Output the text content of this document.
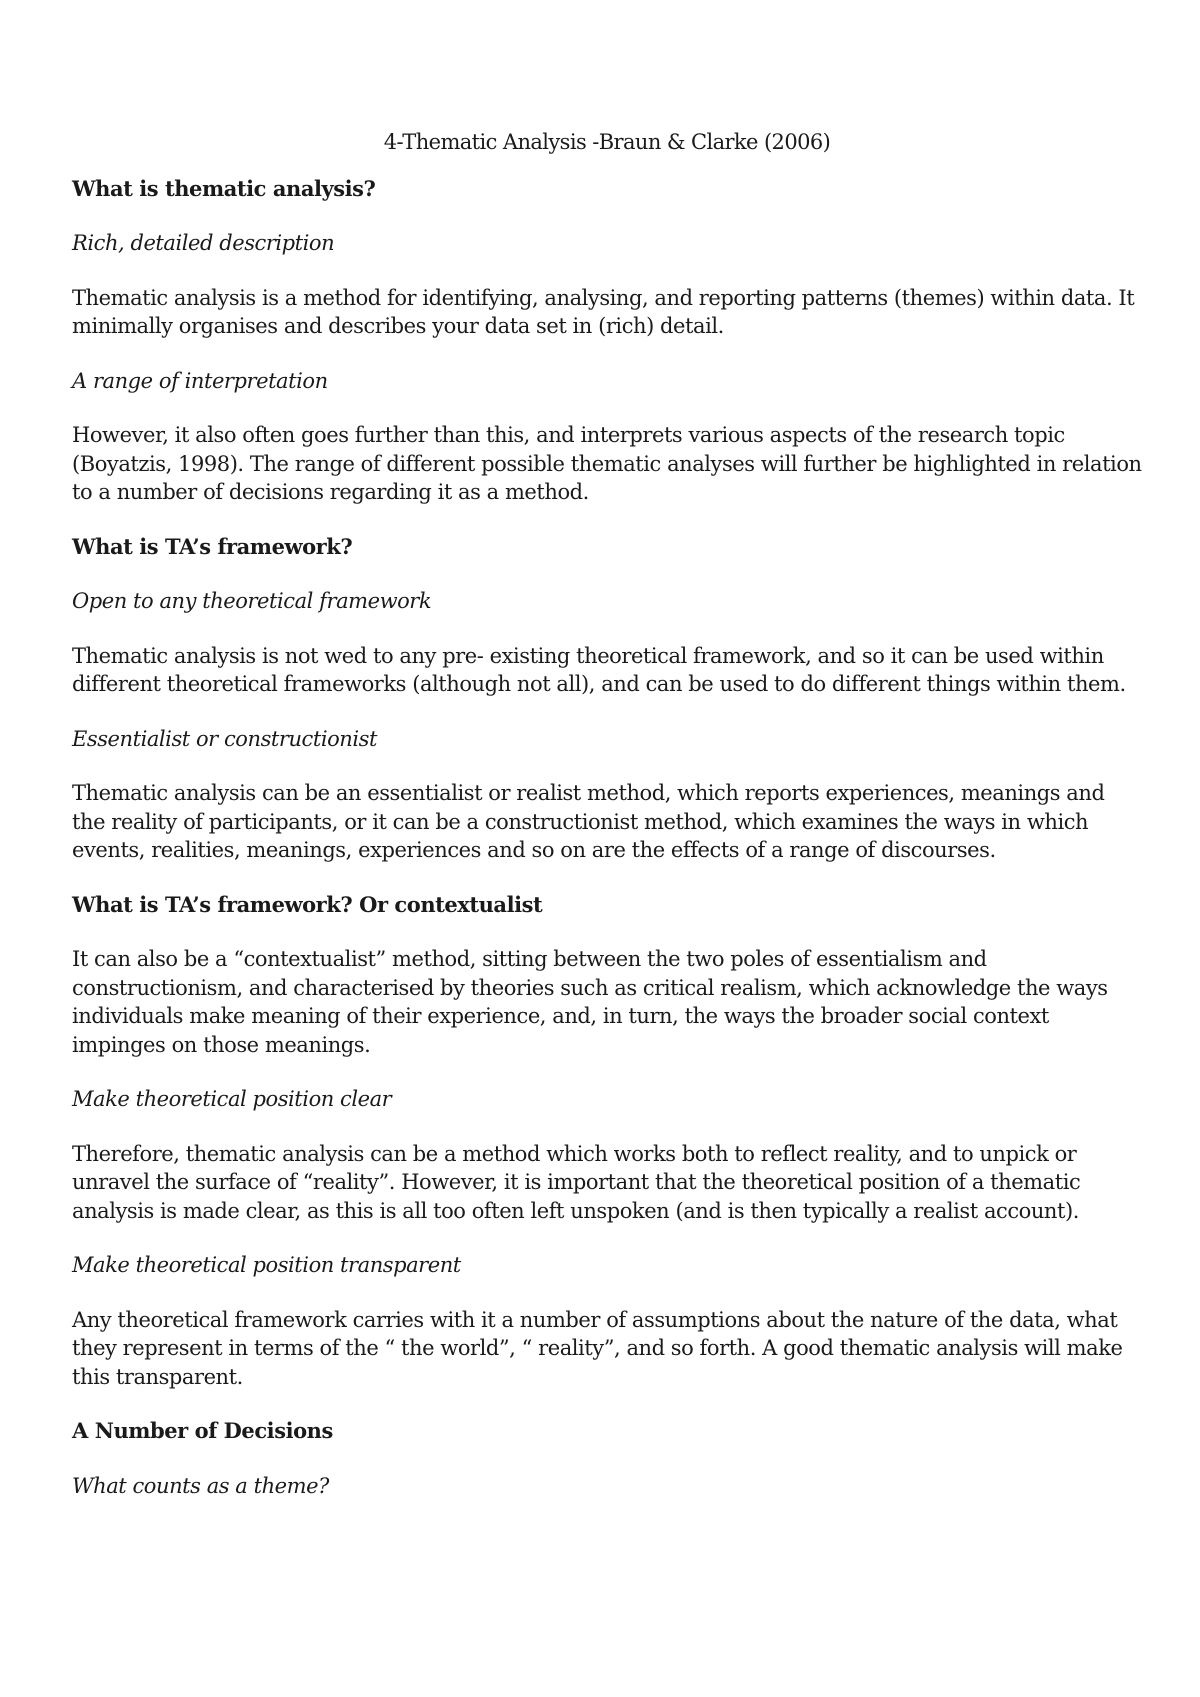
4-Thematic Analysis -Braun & Clarke (2006)
What is thematic analysis?
Rich, detailed description
Thematic analysis is a method for identifying, analysing, and reporting patterns (themes) within data. It minimally organises and describes your data set in (rich) detail.
A range of interpretation
However, it also often goes further than this, and interprets various aspects of the research topic (Boyatzis, 1998). The range of different possible thematic analyses will further be highlighted in relation to a number of decisions regarding it as a method.
What is TA’s framework?
Open to any theoretical framework
Thematic analysis is not wed to any pre- existing theoretical framework, and so it can be used within different theoretical frameworks (although not all), and can be used to do different things within them.
Essentialist or constructionist
Thematic analysis can be an essentialist or realist method, which reports experiences, meanings and the reality of participants, or it can be a constructionist method, which examines the ways in which events, realities, meanings, experiences and so on are the effects of a range of discourses.
What is TA’s framework? Or contextualist
It can also be a “contextualist” method, sitting between the two poles of essentialism and constructionism, and characterised by theories such as critical realism, which acknowledge the ways individuals make meaning of their experience, and, in turn, the ways the broader social context impinges on those meanings.
Make theoretical position clear
Therefore, thematic analysis can be a method which works both to reflect reality, and to unpick or unravel the surface of “reality”. However, it is important that the theoretical position of a thematic analysis is made clear, as this is all too often left unspoken (and is then typically a realist account).
Make theoretical position transparent
Any theoretical framework carries with it a number of assumptions about the nature of the data, what they represent in terms of the “ the world”, “ reality”, and so forth. A good thematic analysis will make this transparent.
A Number of Decisions
What counts as a theme?
